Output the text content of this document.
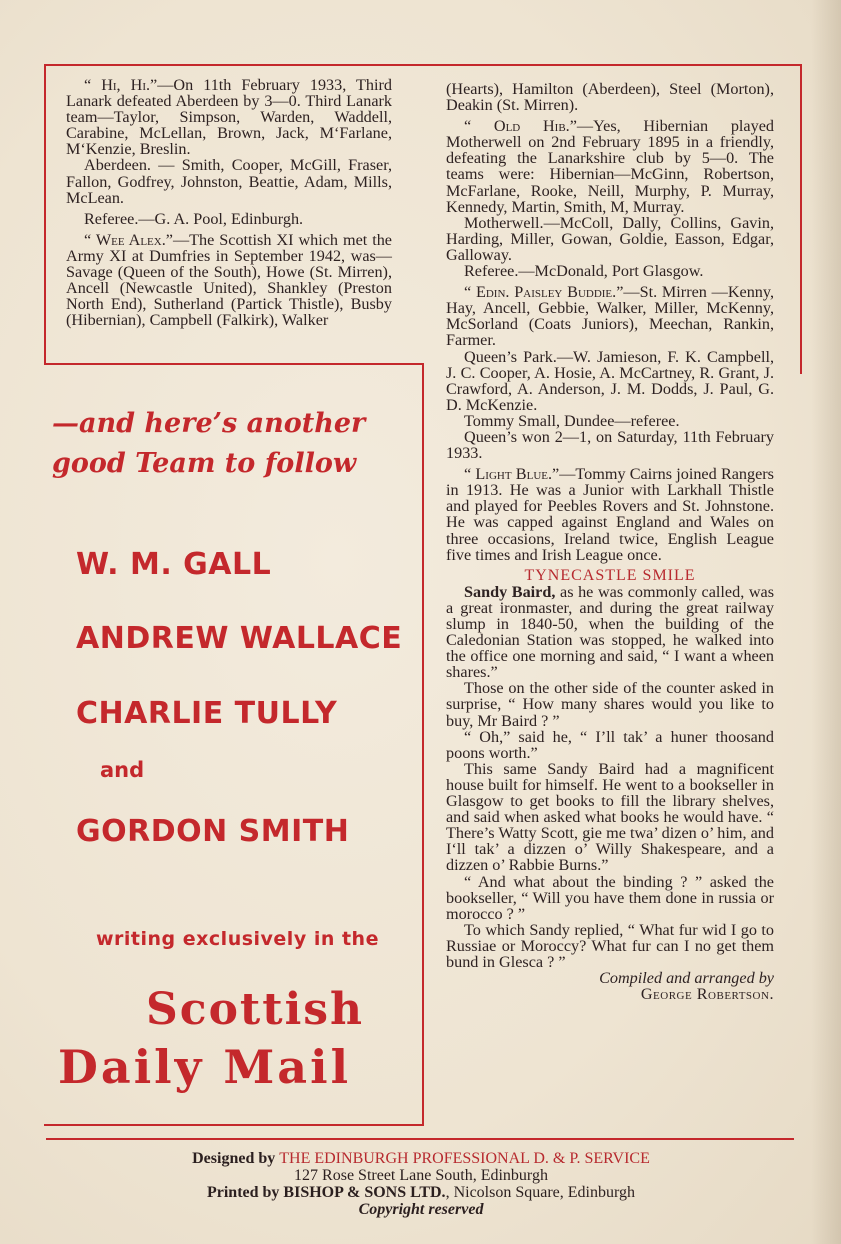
“ Hi, Hi.”—On 11th February 1933, Third Lanark defeated Aberdeen by 3—0. Third Lanark team—Taylor, Simpson, Warden, Waddell, Carabine, McLellan, Brown, Jack, M‘Farlane, M‘Kenzie, Breslin.

Aberdeen. — Smith, Cooper, McGill, Fraser, Fallon, Godfrey, Johnston, Beattie, Adam, Mills, McLean.

Referee.—G. A. Pool, Edinburgh.

“ Wee Alex.”—The Scottish XI which met the Army XI at Dumfries in September 1942, was—Savage (Queen of the South), Howe (St. Mirren), Ancell (Newcastle United), Shankley (Preston North End), Sutherland (Partick Thistle), Busby (Hibernian), Campbell (Falkirk), Walker

(Hearts), Hamilton (Aberdeen), Steel (Morton), Deakin (St. Mirren).

“ Old Hib.”—Yes, Hibernian played Motherwell on 2nd February 1895 in a friendly, defeating the Lanarkshire club by 5—0. The teams were: Hibernian—McGinn, Robertson, McFarlane, Rooke, Neill, Murphy, P. Murray, Kennedy, Martin, Smith, M, Murray.

Motherwell.—McColl, Dally, Collins, Gavin, Harding, Miller, Gowan, Goldie, Easson, Edgar, Galloway.

Referee.—McDonald, Port Glasgow.

“ Edin. Paisley Buddie.”—St. Mirren —Kenny, Hay, Ancell, Gebbie, Walker, Miller, McKenny, McSorland (Coats Juniors), Meechan, Rankin, Farmer.

Queen’s Park.—W. Jamieson, F. K. Campbell, J. C. Cooper, A. Hosie, A. McCartney, R. Grant, J. Crawford, A. Anderson, J. M. Dodds, J. Paul, G. D. McKenzie.

Tommy Small, Dundee—referee.

Queen’s won 2—1, on Saturday, 11th February 1933.

“ Light Blue.”—Tommy Cairns joined Rangers in 1913. He was a Junior with Larkhall Thistle and played for Peebles Rovers and St. Johnstone. He was capped against England and Wales on three occasions, Ireland twice, English League five times and Irish League once.

TYNECASTLE SMILE

Sandy Baird, as he was commonly called, was a great ironmaster, and during the great railway slump in 1840-50, when the building of the Caledonian Station was stopped, he walked into the office one morning and said, “ I want a wheen shares.”

Those on the other side of the counter asked in surprise, “ How many shares would you like to buy, Mr Baird ? ”

“ Oh,” said he, “ I’ll tak’ a huner thoosand poons worth.”

This same Sandy Baird had a magnificent house built for himself. He went to a bookseller in Glasgow to get books to fill the library shelves, and said when asked what books he would have. “ There’s Watty Scott, gie me twa’ dizen o’ him, and I‘ll tak’ a dizzen o’ Willy Shakespeare, and a dizzen o’ Rabbie Burns.”

“ And what about the binding ? ” asked the bookseller, “ Will you have them done in russia or morocco ? ”

To which Sandy replied, “ What fur wid I go to Russiae or Moroccy? What fur can I no get them bund in Glesca ? ”

Compiled and arranged by

George Robertson.

—and here’s another
good Team to follow
W. M. GALL
ANDREW WALLACE
CHARLIE TULLY
and
GORDON SMITH
writing exclusively in the
Scottish
Daily Mail
Designed by THE EDINBURGH PROFESSIONAL D. & P. SERVICE
127 Rose Street Lane South, Edinburgh
Printed by BISHOP & SONS LTD., Nicolson Square, Edinburgh
Copyright reserved
